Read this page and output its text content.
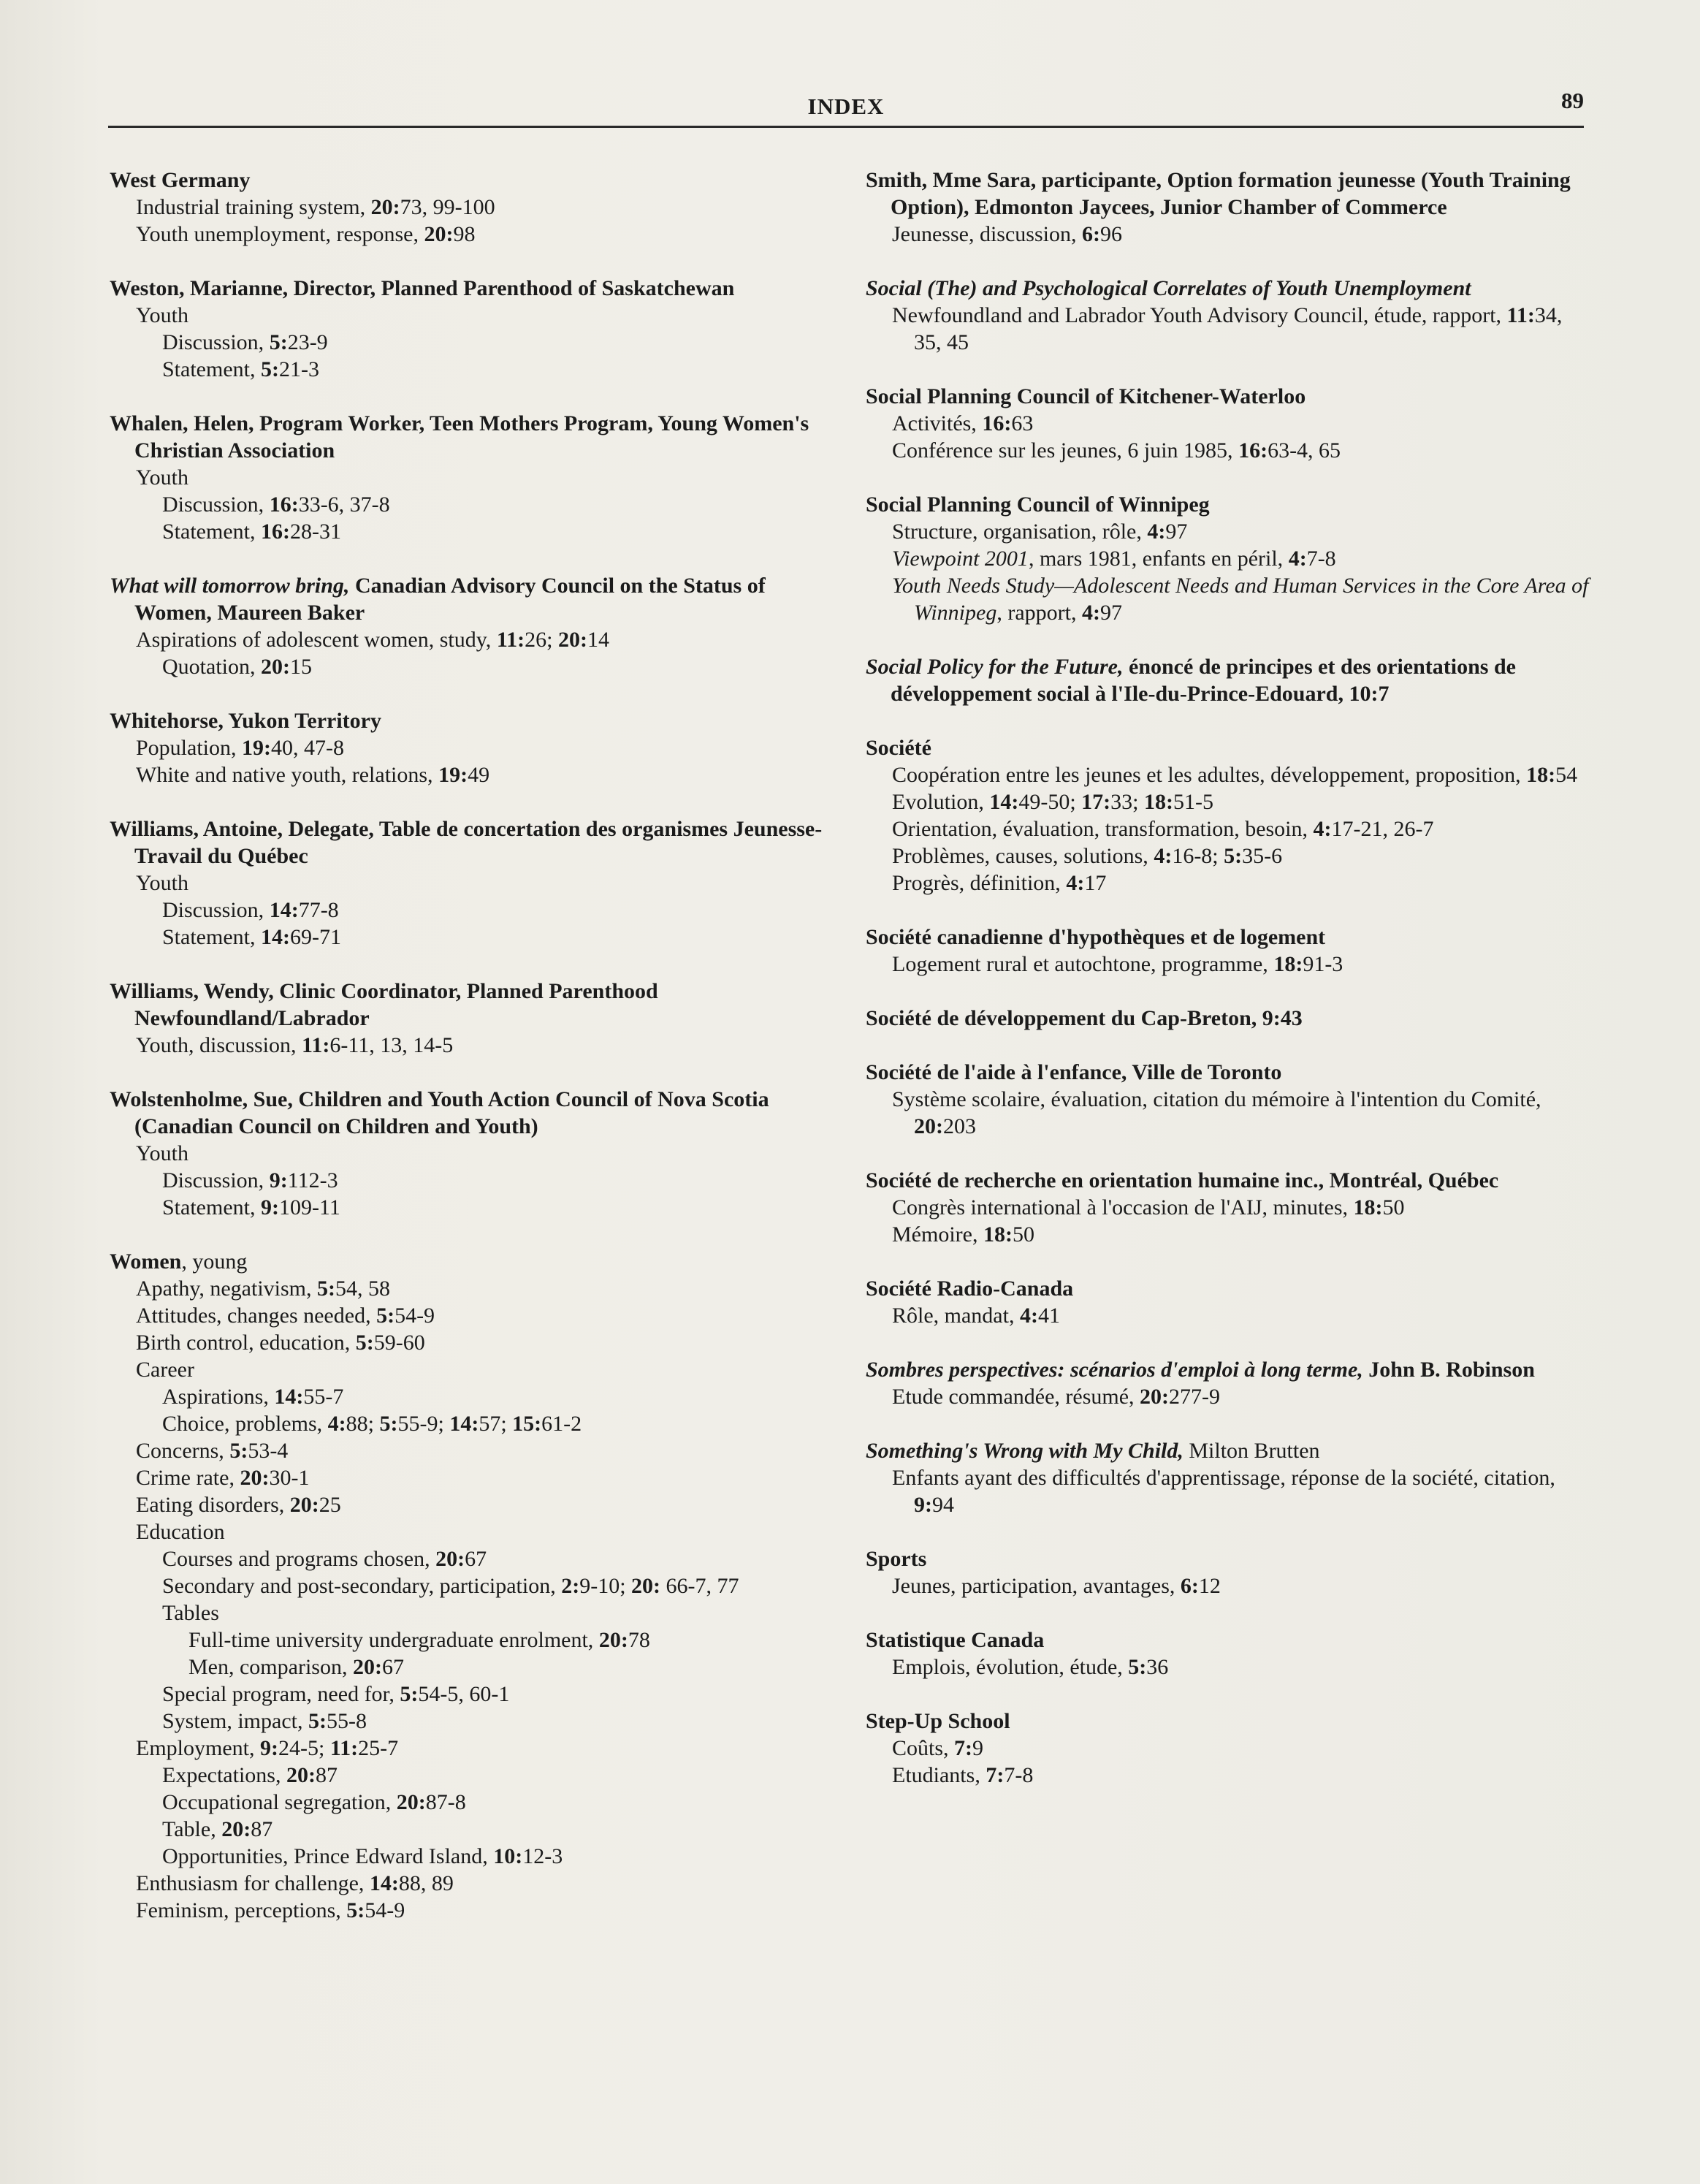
INDEX	89
West Germany
Industrial training system, 20:73, 99-100
Youth unemployment, response, 20:98
Weston, Marianne, Director, Planned Parenthood of Saskatchewan
Youth
Discussion, 5:23-9
Statement, 5:21-3
Whalen, Helen, Program Worker, Teen Mothers Program, Young Women's Christian Association
Youth
Discussion, 16:33-6, 37-8
Statement, 16:28-31
What will tomorrow bring, Canadian Advisory Council on the Status of Women, Maureen Baker
Aspirations of adolescent women, study, 11:26; 20:14
Quotation, 20:15
Whitehorse, Yukon Territory
Population, 19:40, 47-8
White and native youth, relations, 19:49
Williams, Antoine, Delegate, Table de concertation des organismes Jeunesse-Travail du Québec
Youth
Discussion, 14:77-8
Statement, 14:69-71
Williams, Wendy, Clinic Coordinator, Planned Parenthood Newfoundland/Labrador
Youth, discussion, 11:6-11, 13, 14-5
Wolstenholme, Sue, Children and Youth Action Council of Nova Scotia (Canadian Council on Children and Youth)
Youth
Discussion, 9:112-3
Statement, 9:109-11
Women, young
Apathy, negativism, 5:54, 58
Attitudes, changes needed, 5:54-9
Birth control, education, 5:59-60
Career
Aspirations, 14:55-7
Choice, problems, 4:88; 5:55-9; 14:57; 15:61-2
Concerns, 5:53-4
Crime rate, 20:30-1
Eating disorders, 20:25
Education
Courses and programs chosen, 20:67
Secondary and post-secondary, participation, 2:9-10; 20: 66-7, 77
Tables
Full-time university undergraduate enrolment, 20:78
Men, comparison, 20:67
Special program, need for, 5:54-5, 60-1
System, impact, 5:55-8
Employment, 9:24-5; 11:25-7
Expectations, 20:87
Occupational segregation, 20:87-8
Table, 20:87
Opportunities, Prince Edward Island, 10:12-3
Enthusiasm for challenge, 14:88, 89
Feminism, perceptions, 5:54-9
Smith, Mme Sara, participante, Option formation jeunesse (Youth Training Option), Edmonton Jaycees, Junior Chamber of Commerce
Jeunesse, discussion, 6:96
Social (The) and Psychological Correlates of Youth Unemployment
Newfoundland and Labrador Youth Advisory Council, étude, rapport, 11:34, 35, 45
Social Planning Council of Kitchener-Waterloo
Activités, 16:63
Conférence sur les jeunes, 6 juin 1985, 16:63-4, 65
Social Planning Council of Winnipeg
Structure, organisation, rôle, 4:97
Viewpoint 2001, mars 1981, enfants en péril, 4:7-8
Youth Needs Study—Adolescent Needs and Human Services in the Core Area of Winnipeg, rapport, 4:97
Social Policy for the Future, énoncé de principes et des orientations de développement social à l'Ile-du-Prince-Edouard, 10:7
Société
Coopération entre les jeunes et les adultes, développement, proposition, 18:54
Evolution, 14:49-50; 17:33; 18:51-5
Orientation, évaluation, transformation, besoin, 4:17-21, 26-7
Problèmes, causes, solutions, 4:16-8; 5:35-6
Progrès, définition, 4:17
Société canadienne d'hypothèques et de logement
Logement rural et autochtone, programme, 18:91-3
Société de développement du Cap-Breton, 9:43
Société de l'aide à l'enfance, Ville de Toronto
Système scolaire, évaluation, citation du mémoire à l'intention du Comité, 20:203
Société de recherche en orientation humaine inc., Montréal, Québec
Congrès international à l'occasion de l'AIJ, minutes, 18:50
Mémoire, 18:50
Société Radio-Canada
Rôle, mandat, 4:41
Sombres perspectives: scénarios d'emploi à long terme, John B. Robinson
Etude commandée, résumé, 20:277-9
Something's Wrong with My Child, Milton Brutten
Enfants ayant des difficultés d'apprentissage, réponse de la société, citation, 9:94
Sports
Jeunes, participation, avantages, 6:12
Statistique Canada
Emplois, évolution, étude, 5:36
Step-Up School
Coûts, 7:9
Etudiants, 7:7-8
